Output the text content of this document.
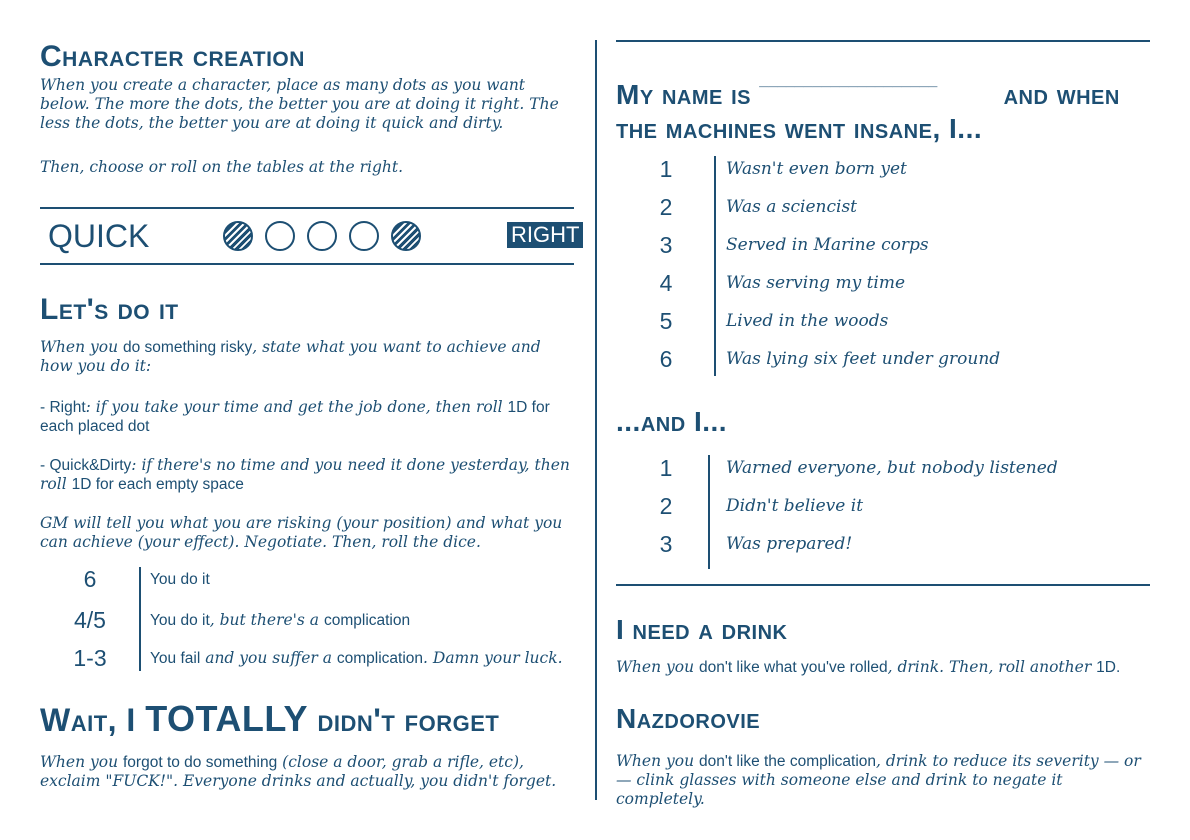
Character creation

When you create a character, place as many dots as you want below. The more the dots, the better you are at doing it right. The less the dots, the better you are at doing it quick and dirty.

Then, choose or roll on the tables at the right.

QUICK	RIGHT
Let's do it

When you do something risky, state what you want to achieve and how you do it:

- Right: if you take your time and get the job done, then roll 1D for each placed dot

- Quick&Dirty: if there's no time and you need it done yesterday, then roll 1D for each empty space

GM will tell you what you are risking (your position) and what you can achieve (your effect). Negotiate. Then, roll the dice.

6	You do it
4/5	You do it, but there's a complication
1-3	You fail and you suffer a complication. Damn your luck.
Wait, I TOTALLY didn't forget

When you forgot to do something (close a door, grab a rifle, etc), exclaim "FUCK!". Everyone drinks and actually, you didn't forget.

My name is ____________________ and when the machines went insane, I...
1	Wasn't even born yet
2	Was a sciencist
3	Served in Marine corps
4	Was serving my time
5	Lived in the woods
6	Was lying six feet under ground
...and I...
1	Warned everyone, but nobody listened
2	Didn't believe it
3	Was prepared!
I need a drink

When you don't like what you've rolled, drink. Then, roll another 1D.

Nazdorovie

When you don't like the complication, drink to reduce its severity — or — clink glasses with someone else and drink to negate it completely.
